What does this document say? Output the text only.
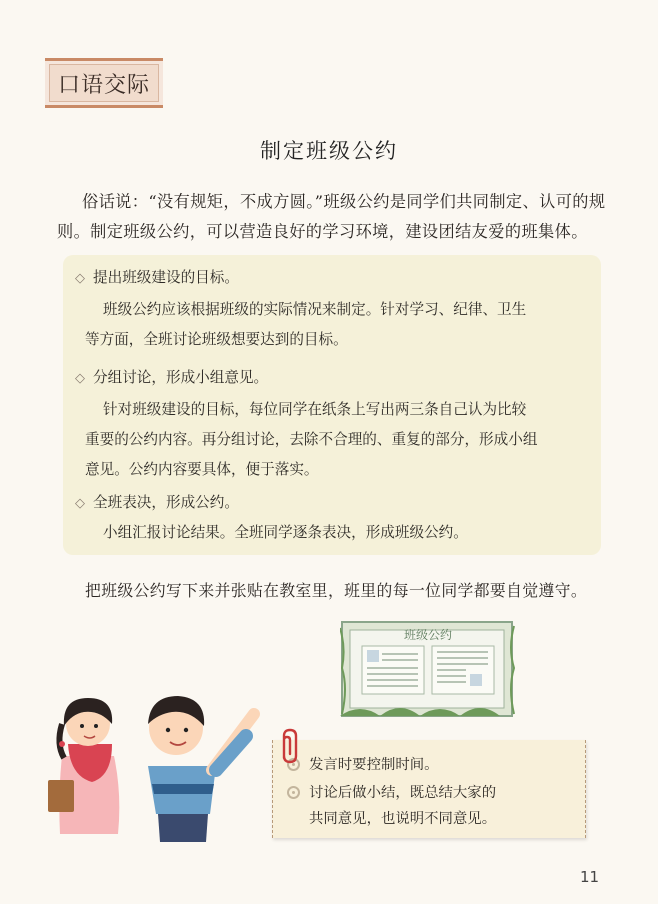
口语交际
制定班级公约
俗话说：“没有规矩，不成方圆。”班级公约是同学们共同制定、认可的规
则。制定班级公约，可以营造良好的学习环境，建设团结友爱的班集体。
◇ 提出班级建设的目标。
班级公约应该根据班级的实际情况来制定。针对学习、纪律、卫生
等方面，全班讨论班级想要达到的目标。
◇ 分组讨论，形成小组意见。
针对班级建设的目标，每位同学在纸条上写出两三条自己认为比较
重要的公约内容。再分组讨论，去除不合理的、重复的部分，形成小组
意见。公约内容要具体，便于落实。
◇ 全班表决，形成公约。
小组汇报讨论结果。全班同学逐条表决，形成班级公约。
把班级公约写下来并张贴在教室里，班里的每一位同学都要自觉遵守。
班级公约
发言时要控制时间。
讨论后做小结，既总结大家的
共同意见，也说明不同意见。
11
